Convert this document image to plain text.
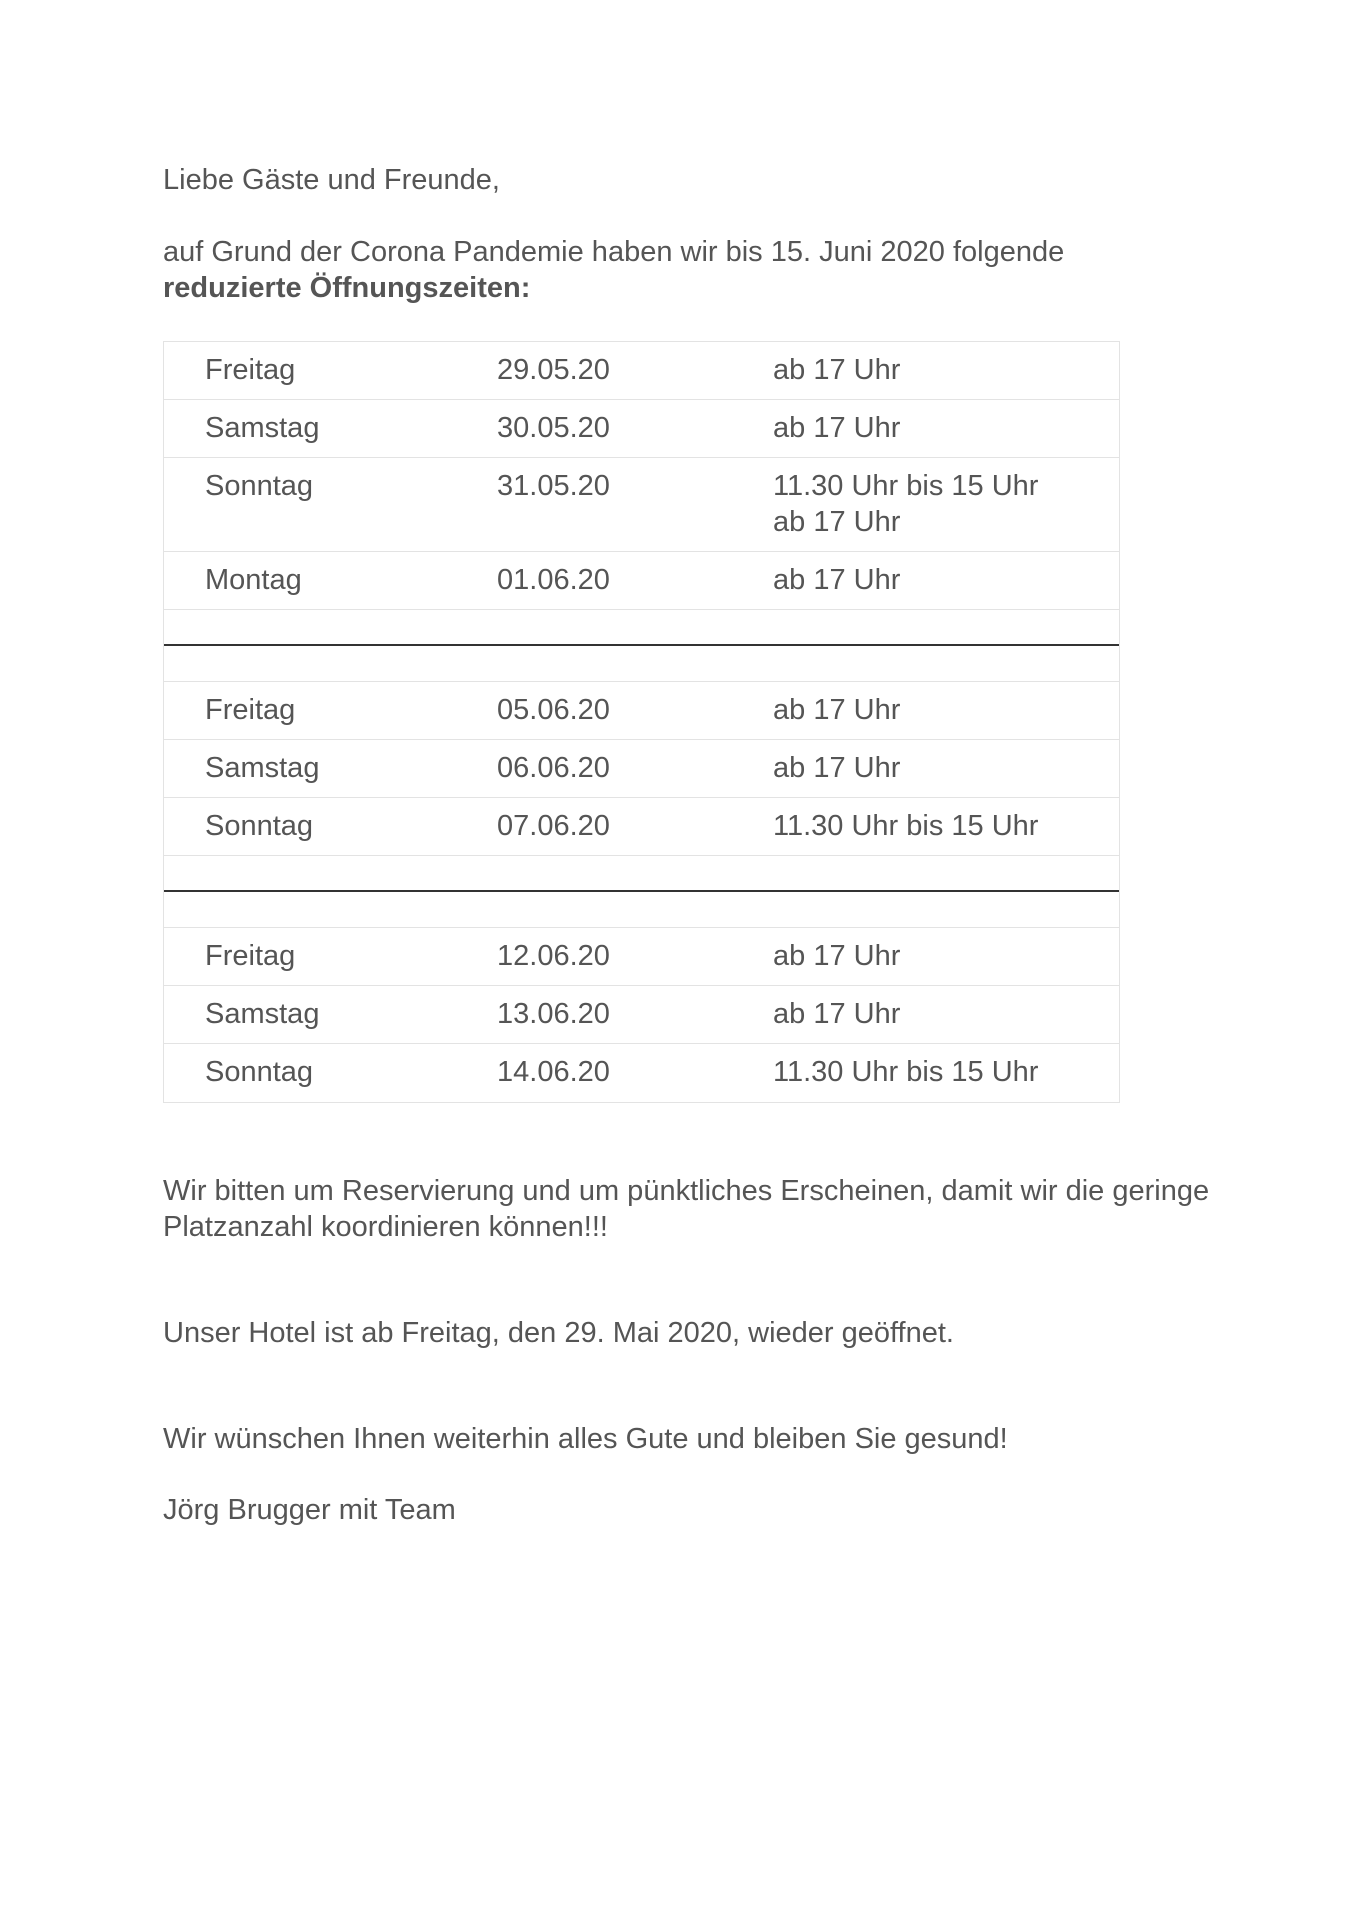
Liebe Gäste und Freunde,

auf Grund der Corona Pandemie haben wir bis 15. Juni 2020 folgende
reduzierte Öffnungszeiten:

Freitag	29.05.20	ab 17 Uhr
Samstag	30.05.20	ab 17 Uhr
Sonntag	31.05.20	11.30 Uhr bis 15 Uhr
ab 17 Uhr
Montag	01.06.20	ab 17 Uhr
Freitag	05.06.20	ab 17 Uhr
Samstag	06.06.20	ab 17 Uhr
Sonntag	07.06.20	11.30 Uhr bis 15 Uhr
Freitag	12.06.20	ab 17 Uhr
Samstag	13.06.20	ab 17 Uhr
Sonntag	14.06.20	11.30 Uhr bis 15 Uhr

Wir bitten um Reservierung und um pünktliches Erscheinen, damit wir die geringe
Platzanzahl koordinieren können!!!

Unser Hotel ist ab Freitag, den 29. Mai 2020, wieder geöffnet.

Wir wünschen Ihnen weiterhin alles Gute und bleiben Sie gesund!

Jörg Brugger mit Team
